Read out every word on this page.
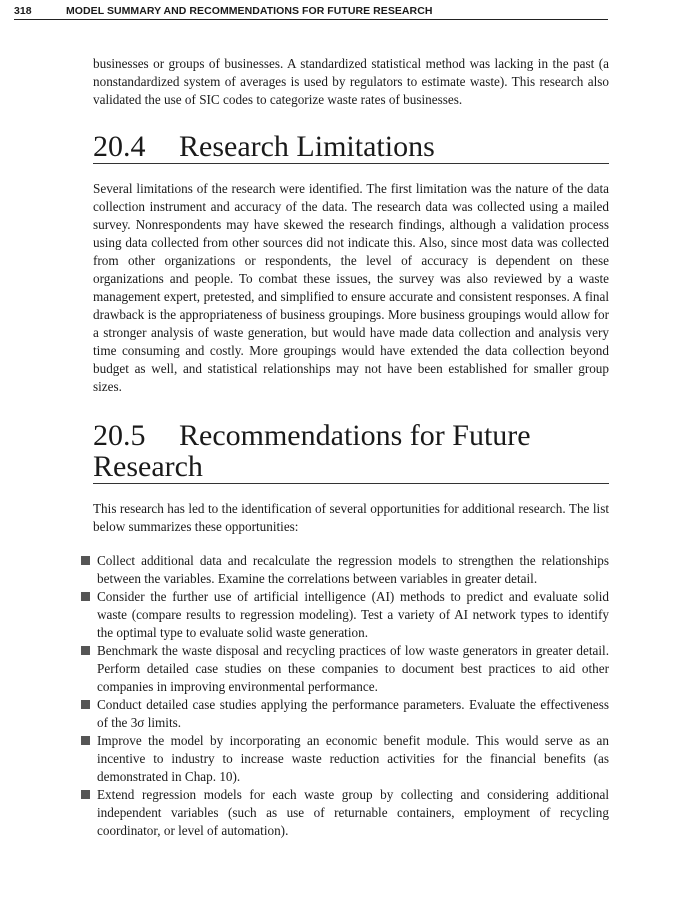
318	MODEL SUMMARY AND RECOMMENDATIONS FOR FUTURE RESEARCH

businesses or groups of businesses. A standardized statistical method was lacking in the past (a nonstandardized system of averages is used by regulators to estimate waste). This research also validated the use of SIC codes to categorize waste rates of businesses.

20.4 Research Limitations

Several limitations of the research were identified. The first limitation was the nature of the data collection instrument and accuracy of the data. The research data was collected using a mailed survey. Nonrespondents may have skewed the research findings, although a validation process using data collected from other sources did not indicate this. Also, since most data was collected from other organizations or respondents, the level of accuracy is dependent on these organizations and people. To combat these issues, the survey was also reviewed by a waste management expert, pretested, and simplified to ensure accurate and consistent responses. A final drawback is the appropriateness of business groupings. More business groupings would allow for a stronger analysis of waste generation, but would have made data collection and analysis very time consuming and costly. More groupings would have extended the data collection beyond budget as well, and statistical relationships may not have been established for smaller group sizes.

20.5 Recommendations for Future
Research

This research has led to the identification of several opportunities for additional research. The list below summarizes these opportunities:

Collect additional data and recalculate the regression models to strengthen the relationships between the variables. Examine the correlations between variables in greater detail.
Consider the further use of artificial intelligence (AI) methods to predict and evaluate solid waste (compare results to regression modeling). Test a variety of AI network types to identify the optimal type to evaluate solid waste generation.
Benchmark the waste disposal and recycling practices of low waste generators in greater detail. Perform detailed case studies on these companies to document best practices to aid other companies in improving environmental performance.
Conduct detailed case studies applying the performance parameters. Evaluate the effectiveness of the 3σ limits.
Improve the model by incorporating an economic benefit module. This would serve as an incentive to industry to increase waste reduction activities for the financial benefits (as demonstrated in Chap. 10).
Extend regression models for each waste group by collecting and considering additional independent variables (such as use of returnable containers, employment of recycling coordinator, or level of automation).
